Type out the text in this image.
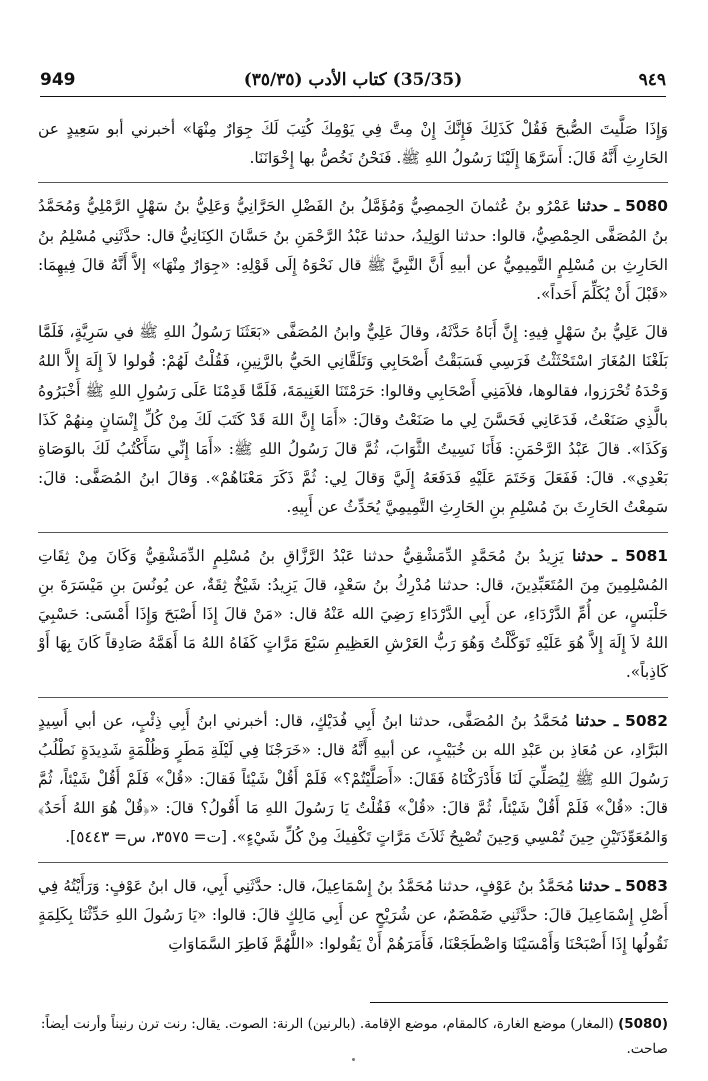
949	(35/35) كتاب الأدب (٣٥/٣٥)	٩٤٩

وَإِذَا صَلَّيتَ الصُّبحَ فَقُلْ كَذَلِكَ فَإِنَّكَ إِنْ مِتَّ فِي يَوْمِكَ كُتِبَ لَكَ جِوَارٌ مِنْهَا» أخبرني أبو سَعِيدٍ عن الحَارِثِ أَنَّهُ قَالَ: أَسَرَّهَا إِلَيْنَا رَسُولُ اللهِ ﷺ. فَنَحْنُ نَخُصُّ بها إِخْوَانَنَا.

5080 ـ حدثنا عَمْرُو بنُ عُثمانَ الحِمصِيُّ وَمُؤَمَّلُ بنُ الفَضْلِ الحَرَّانِيُّ وَعَلِيُّ بنُ سَهْلٍ الرَّمْلِيُّ وَمُحَمَّدُ بنُ المُصَفَّى الحِمْصِيُّ، قالوا: حدثنا الوَلِيدُ، حدثنا عَبْدُ الرَّحْمَنِ بنُ حَسَّانَ الكِنَانِيُّ قال: حدَّثَنِي مُسْلِمُ بنُ الحَارِثِ بن مُسْلِمٍ التَّمِيمِيُّ عن أبيهِ أَنَّ النَّبِيَّ ﷺ قال نَحْوَهُ إِلَى قَوْلِهِ: «جِوَارٌ مِنْهَا» إلاَّ أَنَّهُ قالَ فِيهِمَا: «قَبْلَ أَنْ يُكَلِّمَ أَحَداً».

قالَ عَلِيُّ بنُ سَهْلٍ فِيهِ: إِنَّ أَبَاهُ حَدَّثَهُ، وقالَ عَلِيٌّ وابنُ المُصَفَّى «بَعَثَنَا رَسُولُ اللهِ ﷺ في سَرِيَّةٍ، فَلَمَّا بَلَغْنَا المُغَارَ اسْتَحْثَثْتُ فَرَسِي فَسَبَقْتُ أَصْحَابِي وَتَلَقَّانِي الحَيُّ بالرَّنِينِ، فَقُلْتُ لَهُمْ: قُولوا لاَ إِلَهَ إِلاَّ اللهُ وَحْدَهُ تُحْرَزوا، فقالوها، فلاَمَنِي أَصْحَابِي وقالوا: حَرَمْتَنَا الغَنِيمَةَ، فَلَمَّا قَدِمْنَا عَلَى رَسُولِ اللهِ ﷺ أَخْبَرُوهُ بالَّذِي صَنَعْتُ، فَدَعَانِي فَحَسَّنَ لِي ما صَنَعْتُ وقالَ: «أَمَا إِنَّ اللهَ قَدْ كَتَبَ لَكَ مِنْ كُلِّ إِنْسَانٍ مِنهُمْ كَذَا وَكَذَا». قالَ عَبْدُ الرَّحْمَنِ: فَأَنَا نَسِيتُ الثَّوَابَ، ثُمَّ قالَ رَسُولُ اللهِ ﷺ: «أَمَا إِنِّي سَأَكْتُبُ لَكَ بالوَصَاةِ بَعْدِي». قالَ: فَفَعَلَ وَخَتَمَ عَلَيْهِ فَدَفَعَهُ إِلَيَّ وَقالَ لِي: ثُمَّ ذَكَرَ مَعْنَاهُمْ». وَقالَ ابنُ المُصَفَّى: قالَ: سَمِعْتُ الحَارِثَ بنَ مُسْلِمِ بنِ الحَارِثِ التَّمِيمِيَّ يُحَدِّثُ عن أَبِيهِ.

5081 ـ حدثنا يَزِيدُ بنُ مُحَمَّدٍ الدِّمَشْقِيُّ حدثنا عَبْدُ الرَّزَّاقِ بنُ مُسْلِمٍ الدِّمَشْقِيُّ وَكَانَ مِنْ ثِقَاتِ المُسْلِمِينَ مِنَ المُتَعَبِّدِينَ، قال: حدثنا مُدْرِكُ بنُ سَعْدٍ، قالَ يَزِيدُ: شَيْخٌ ثِقَةٌ، عن يُونُسَ بنِ مَيْسَرَةَ بنِ حَلْبَسٍ، عن أُمِّ الدَّرْدَاءِ، عن أَبِي الدَّرْدَاءِ رَضِيَ الله عَنْهُ قال: «مَنْ قالَ إِذَا أَصْبَحَ وَإِذَا أَمْسَى: حَسْبِيَ اللهُ لاَ إِلَهَ إِلاَّ هُوَ عَلَيْهِ تَوَكَّلْتُ وَهُوَ رَبُّ العَرْشِ العَظِيمِ سَبْعَ مَرَّاتٍ كَفَاهُ اللهُ مَا أَهَمَّهُ صَادِقاً كَانَ بِهَا أَوْ كَاذِباً».

5082 ـ حدثنا مُحَمَّدُ بنُ المُصَفَّى، حدثنا ابنُ أَبِي فُدَيْكٍ، قال: أخبرني ابنُ أَبِي ذِئْبٍ، عن أبي أَسِيدٍ البَرَّادِ، عن مُعَاذِ بن عَبْدِ الله بن خُبَيْبٍ، عن أبيهِ أَنَّهُ قال: «خَرَجْنَا فِي لَيْلَةِ مَطَرٍ وَظُلْمَةٍ شَدِيدَةٍ نَطْلُبُ رَسُولَ اللهِ ﷺ لِيُصَلِّيَ لَنَا فَأَدْرَكْنَاهُ فَقَالَ: «أَصَلَّيْتُمْ؟» فَلَمْ أَقُلْ شَيْئاً فَقالَ: «قُلْ» فَلَمْ أَقُلْ شَيْئاً، ثُمَّ قالَ: «قُلْ» فَلَمْ أَقُلْ شَيْئاً، ثُمَّ قالَ: «قُلْ» فَقُلْتُ يَا رَسُولَ اللهِ مَا أَقُولُ؟ قالَ: «﴿قُلْ هُوَ اللهُ أَحَدٌ﴾ وَالمُعَوِّذَتَيْنِ حِينَ تُمْسِي وَحِينَ تُصْبِحُ ثَلاَثَ مَرَّاتٍ تَكْفِيكَ مِنْ كُلِّ شَيْءٍ». [ت= ٣٥٧٥، س= ٥٤٤٣].

5083 ـ حدثنا مُحَمَّدُ بنُ عَوْفٍ، حدثنا مُحَمَّدُ بنُ إِسْمَاعِيلَ، قال: حدَّثَنِي أَبِي، قال ابنُ عَوْفٍ: وَرَأَيْتُهُ فِي أَصْلِ إِسْمَاعِيلَ قالَ: حدَّثَنِي ضَمْضَمٌ، عن شُرَيْحٍ عن أَبِي مَالِكٍ قالَ: قالوا: «يَا رَسُولَ اللهِ حَدِّثْنَا بِكَلِمَةٍ نَقُولُها إِذَا أَصْبَحْنَا وَأَمْسَيْنَا وَاضْطَجَعْنَا، فَأَمَرَهُمْ أَنْ يَقُولوا: «اللَّهُمَّ فَاطِرَ السَّمَاوَاتِ

(5080) (المغار) موضع الغارة، كالمقام، موضع الإقامة. (بالرنين) الرنة: الصوت. يقال: رنت ترن رنيناً وأرنت أيضاً: صاحت.
